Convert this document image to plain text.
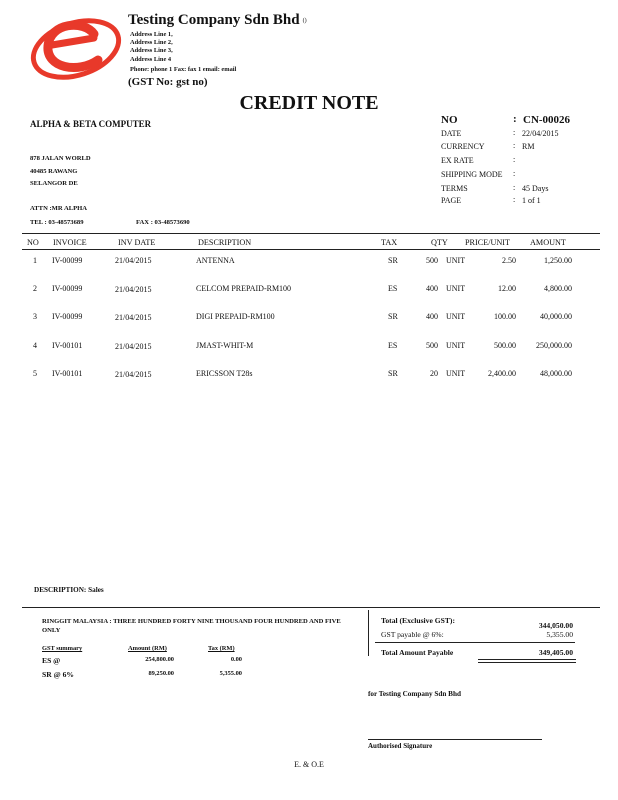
Testing Company Sdn Bhd ()
Address Line 1,
Address Line 2,
Address Line 3,
Address Line 4
Phone: phone 1 Fax: fax 1 email: email
(GST No: gst no)
CREDIT NOTE
ALPHA & BETA COMPUTER
878 JALAN WORLD
40485 RAWANG
SELANGOR DE
ATTN :MR ALPHA
TEL : 03-48573689	FAX : 03-48573690
NO	: CN-00026
DATE	: 22/04/2015
CURRENCY	: RM
EX RATE	:
SHIPPING MODE :
TERMS	: 45 Days
PAGE	: 1 of 1
NO INVOICE	INV DATE	DESCRIPTION	TAX	QTY PRICE/UNIT AMOUNT
1 IV-00099	21/04/2015	ANTENNA	SR	500 UNIT	2.50	1,250.00
2 IV-00099	21/04/2015	CELCOM PREPAID-RM100	ES	400 UNIT	12.00	4,800.00
3 IV-00099	21/04/2015	DIGI PREPAID-RM100	SR	400 UNIT	100.00	40,000.00
4 IV-00101	21/04/2015	JMAST-WHIT-M	ES	500 UNIT	500.00	250,000.00
5 IV-00101	21/04/2015	ERICSSON T28s	SR	20 UNIT	2,400.00	48,000.00
DESCRIPTION: Sales
RINGGIT MALAYSIA : THREE HUNDRED FORTY NINE THOUSAND FOUR HUNDRED AND FIVE ONLY
GST summary	Amount (RM)	Tax (RM)
ES @	254,800.00	0.00
SR @ 6%	89,250.00	5,355.00
Total (Exclusive GST):
344,050.00
GST payable @ 6%:	5,355.00
Total Amount Payable	349,405.00
for Testing Company Sdn Bhd
Authorised Signature
E. & O.E
